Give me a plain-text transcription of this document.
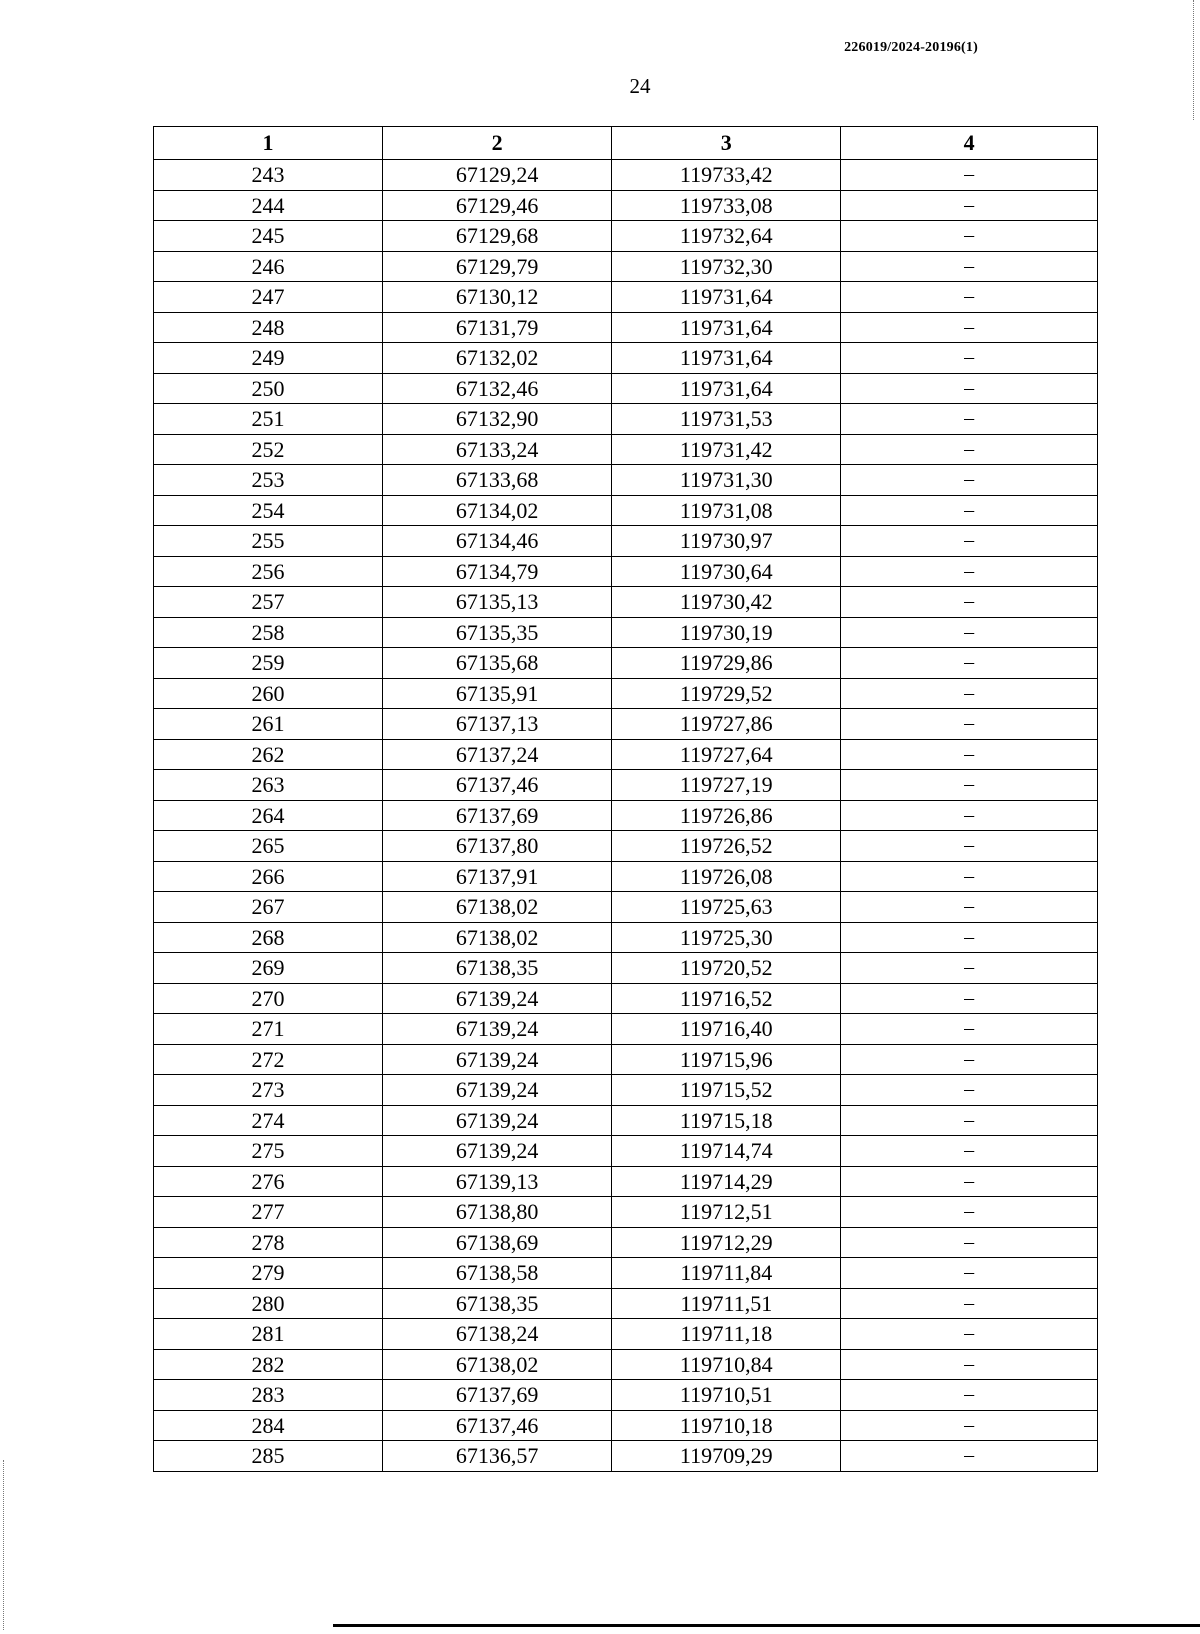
226019/2024-20196(1)
24
1	2	3	4
243	67129,24	119733,42	–
244	67129,46	119733,08	–
245	67129,68	119732,64	–
246	67129,79	119732,30	–
247	67130,12	119731,64	–
248	67131,79	119731,64	–
249	67132,02	119731,64	–
250	67132,46	119731,64	–
251	67132,90	119731,53	–
252	67133,24	119731,42	–
253	67133,68	119731,30	–
254	67134,02	119731,08	–
255	67134,46	119730,97	–
256	67134,79	119730,64	–
257	67135,13	119730,42	–
258	67135,35	119730,19	–
259	67135,68	119729,86	–
260	67135,91	119729,52	–
261	67137,13	119727,86	–
262	67137,24	119727,64	–
263	67137,46	119727,19	–
264	67137,69	119726,86	–
265	67137,80	119726,52	–
266	67137,91	119726,08	–
267	67138,02	119725,63	–
268	67138,02	119725,30	–
269	67138,35	119720,52	–
270	67139,24	119716,52	–
271	67139,24	119716,40	–
272	67139,24	119715,96	–
273	67139,24	119715,52	–
274	67139,24	119715,18	–
275	67139,24	119714,74	–
276	67139,13	119714,29	–
277	67138,80	119712,51	–
278	67138,69	119712,29	–
279	67138,58	119711,84	–
280	67138,35	119711,51	–
281	67138,24	119711,18	–
282	67138,02	119710,84	–
283	67137,69	119710,51	–
284	67137,46	119710,18	–
285	67136,57	119709,29	–
